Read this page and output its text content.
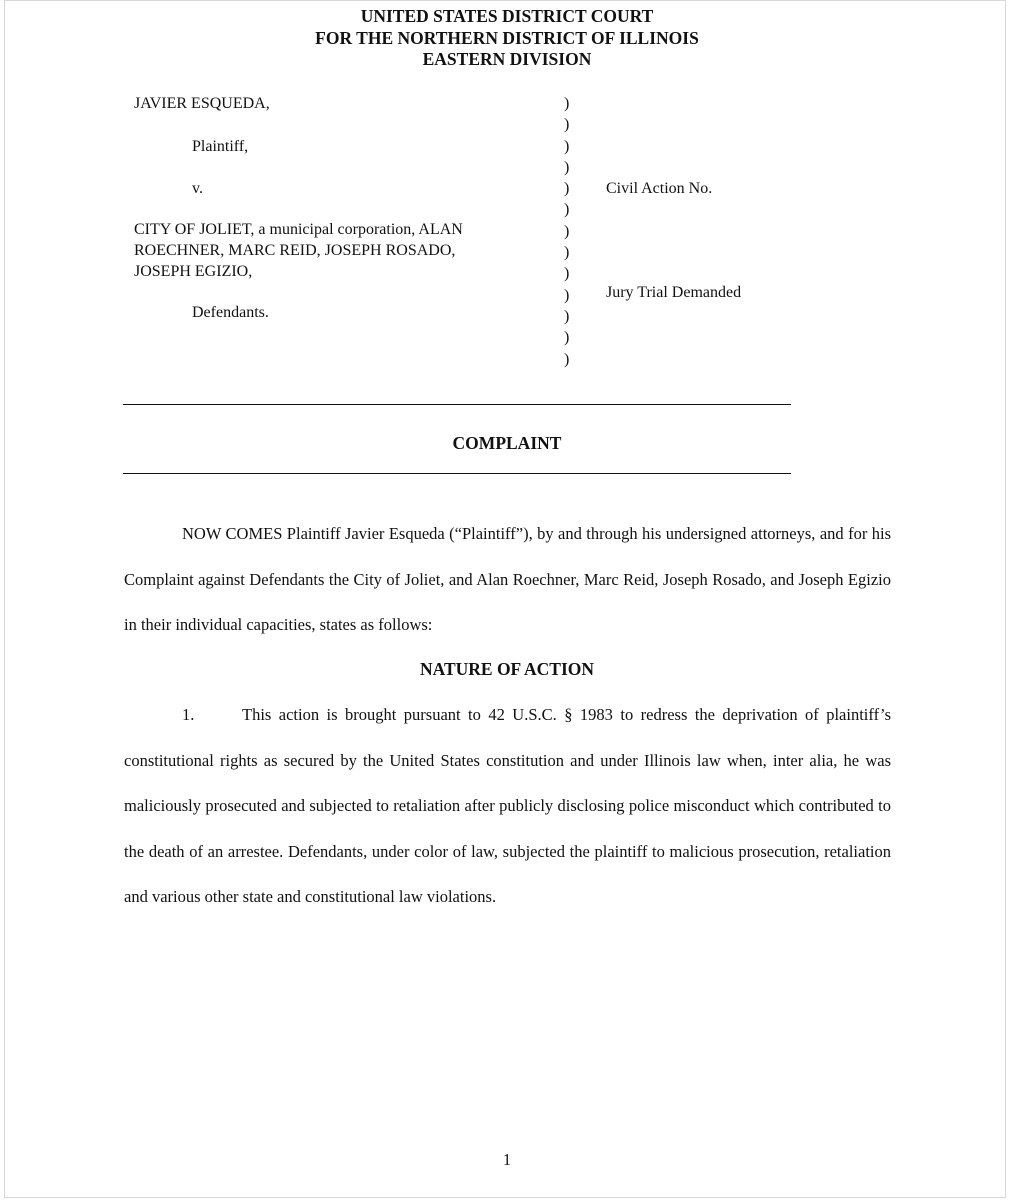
UNITED STATES DISTRICT COURT
FOR THE NORTHERN DISTRICT OF ILLINOIS
EASTERN DIVISION
JAVIER ESQUEDA,
Plaintiff,
v.
CITY OF JOLIET, a municipal corporation, ALAN
ROECHNER, MARC REID, JOSEPH ROSADO,
JOSEPH EGIZIO,
Defendants.
)
)
)
)
)
)
)
)
)
)
)
)
)
Civil Action No.
Jury Trial Demanded
COMPLAINT
NOW COMES Plaintiff Javier Esqueda (“Plaintiff”), by and through his undersigned attorneys, and for his Complaint against Defendants the City of Joliet, and Alan Roechner, Marc Reid, Joseph Rosado, and Joseph Egizio in their individual capacities, states as follows:
NATURE OF ACTION
1.	This action is brought pursuant to 42 U.S.C. § 1983 to redress the deprivation of plaintiff’s constitutional rights as secured by the United States constitution and under Illinois law when, inter alia, he was maliciously prosecuted and subjected to retaliation after publicly disclosing police misconduct which contributed to the death of an arrestee. Defendants, under color of law, subjected the plaintiff to malicious prosecution, retaliation and various other state and constitutional law violations.
1
